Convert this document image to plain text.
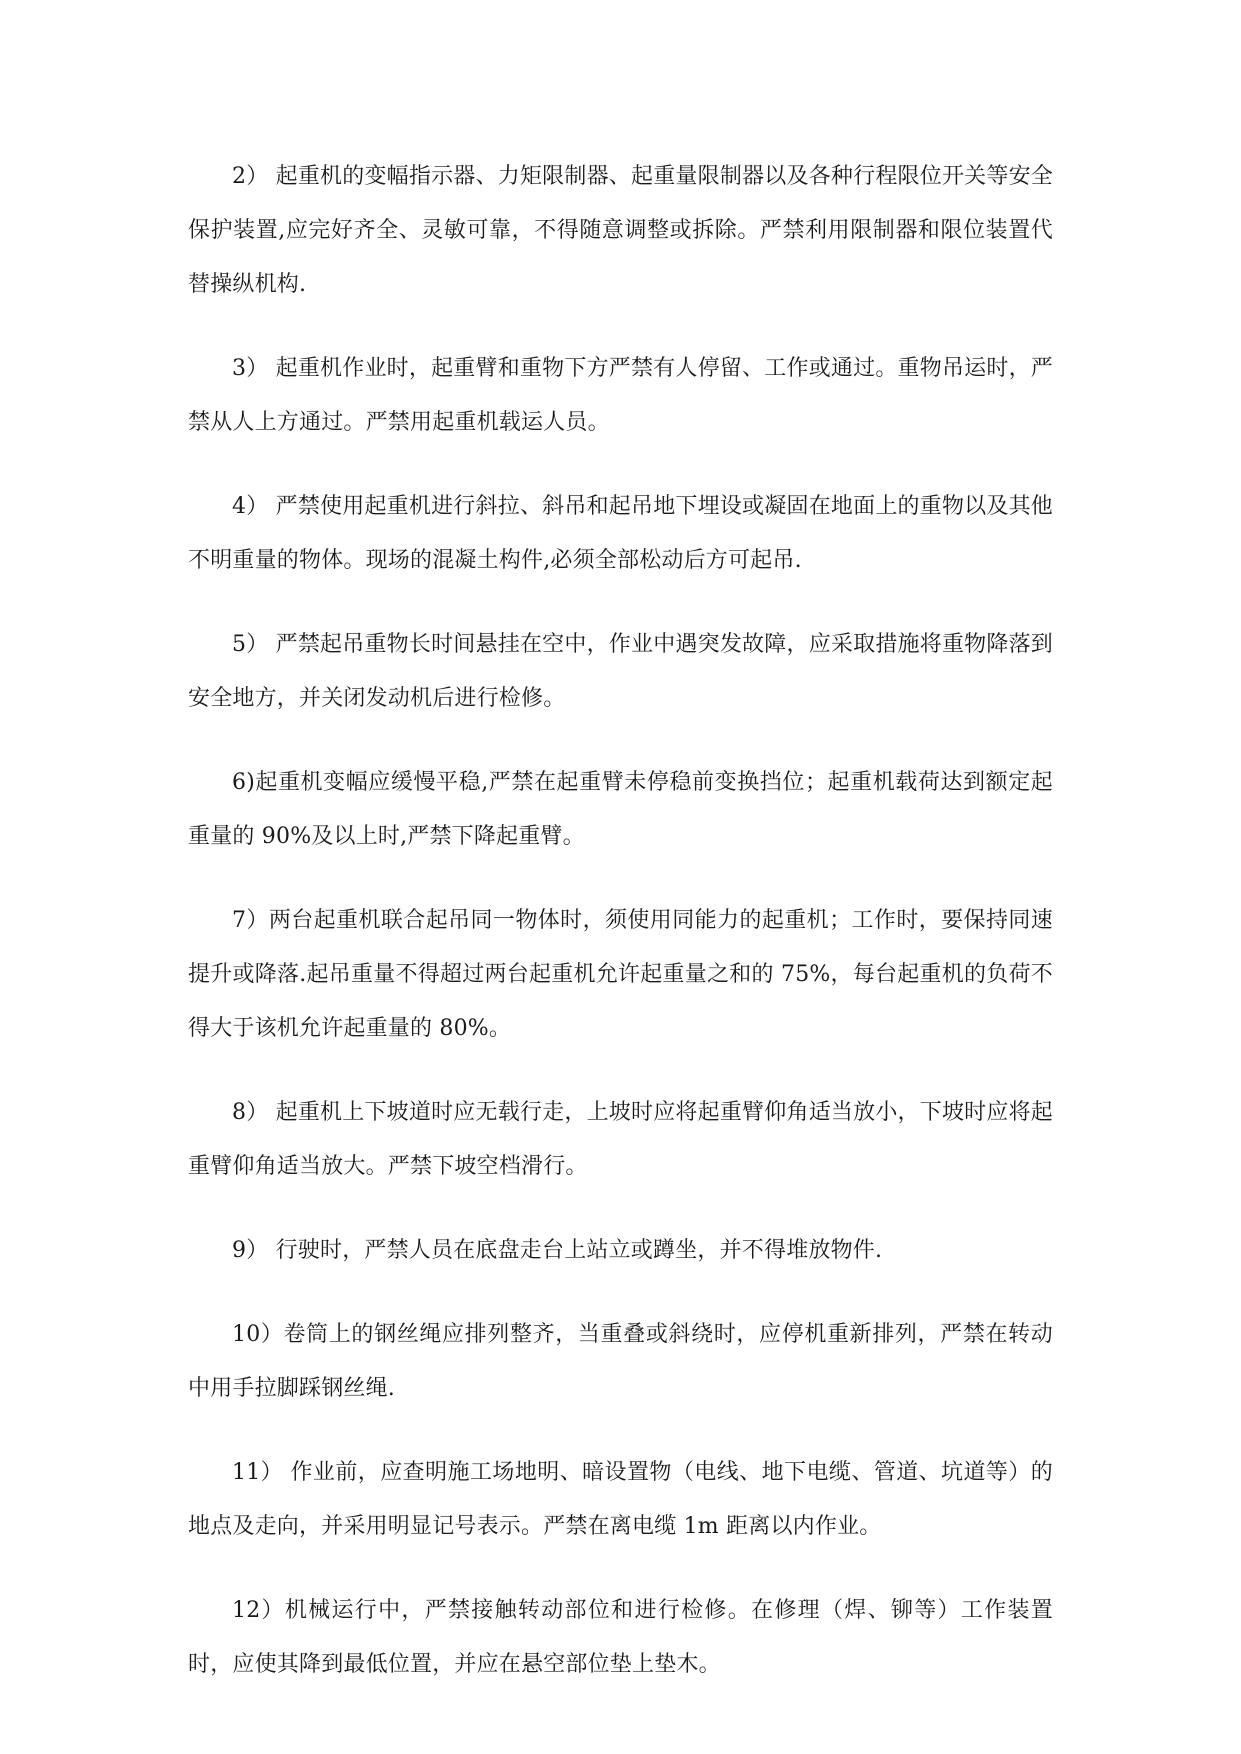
2） 起重机的变幅指示器、力矩限制器、起重量限制器以及各种行程限位开关等安全保护装置,应完好齐全、灵敏可靠，不得随意调整或拆除。严禁利用限制器和限位装置代替操纵机构.

3） 起重机作业时，起重臂和重物下方严禁有人停留、工作或通过。重物吊运时，严禁从人上方通过。严禁用起重机载运人员。

4） 严禁使用起重机进行斜拉、斜吊和起吊地下埋设或凝固在地面上的重物以及其他不明重量的物体。现场的混凝土构件,必须全部松动后方可起吊.

5） 严禁起吊重物长时间悬挂在空中，作业中遇突发故障，应采取措施将重物降落到安全地方，并关闭发动机后进行检修。

6)起重机变幅应缓慢平稳,严禁在起重臂未停稳前变换挡位；起重机载荷达到额定起重量的 90%及以上时,严禁下降起重臂。

7）两台起重机联合起吊同一物体时，须使用同能力的起重机；工作时，要保持同速提升或降落.起吊重量不得超过两台起重机允许起重量之和的 75%，每台起重机的负荷不得大于该机允许起重量的 80%。

8） 起重机上下坡道时应无载行走，上坡时应将起重臂仰角适当放小，下坡时应将起重臂仰角适当放大。严禁下坡空档滑行。

9） 行驶时，严禁人员在底盘走台上站立或蹲坐，并不得堆放物件.

10）卷筒上的钢丝绳应排列整齐，当重叠或斜绕时，应停机重新排列，严禁在转动中用手拉脚踩钢丝绳.

11） 作业前，应查明施工场地明、暗设置物（电线、地下电缆、管道、坑道等）的地点及走向，并采用明显记号表示。严禁在离电缆 1m 距离以内作业。

12）机械运行中，严禁接触转动部位和进行检修。在修理（焊、铆等）工作装置时，应使其降到最低位置，并应在悬空部位垫上垫木。
